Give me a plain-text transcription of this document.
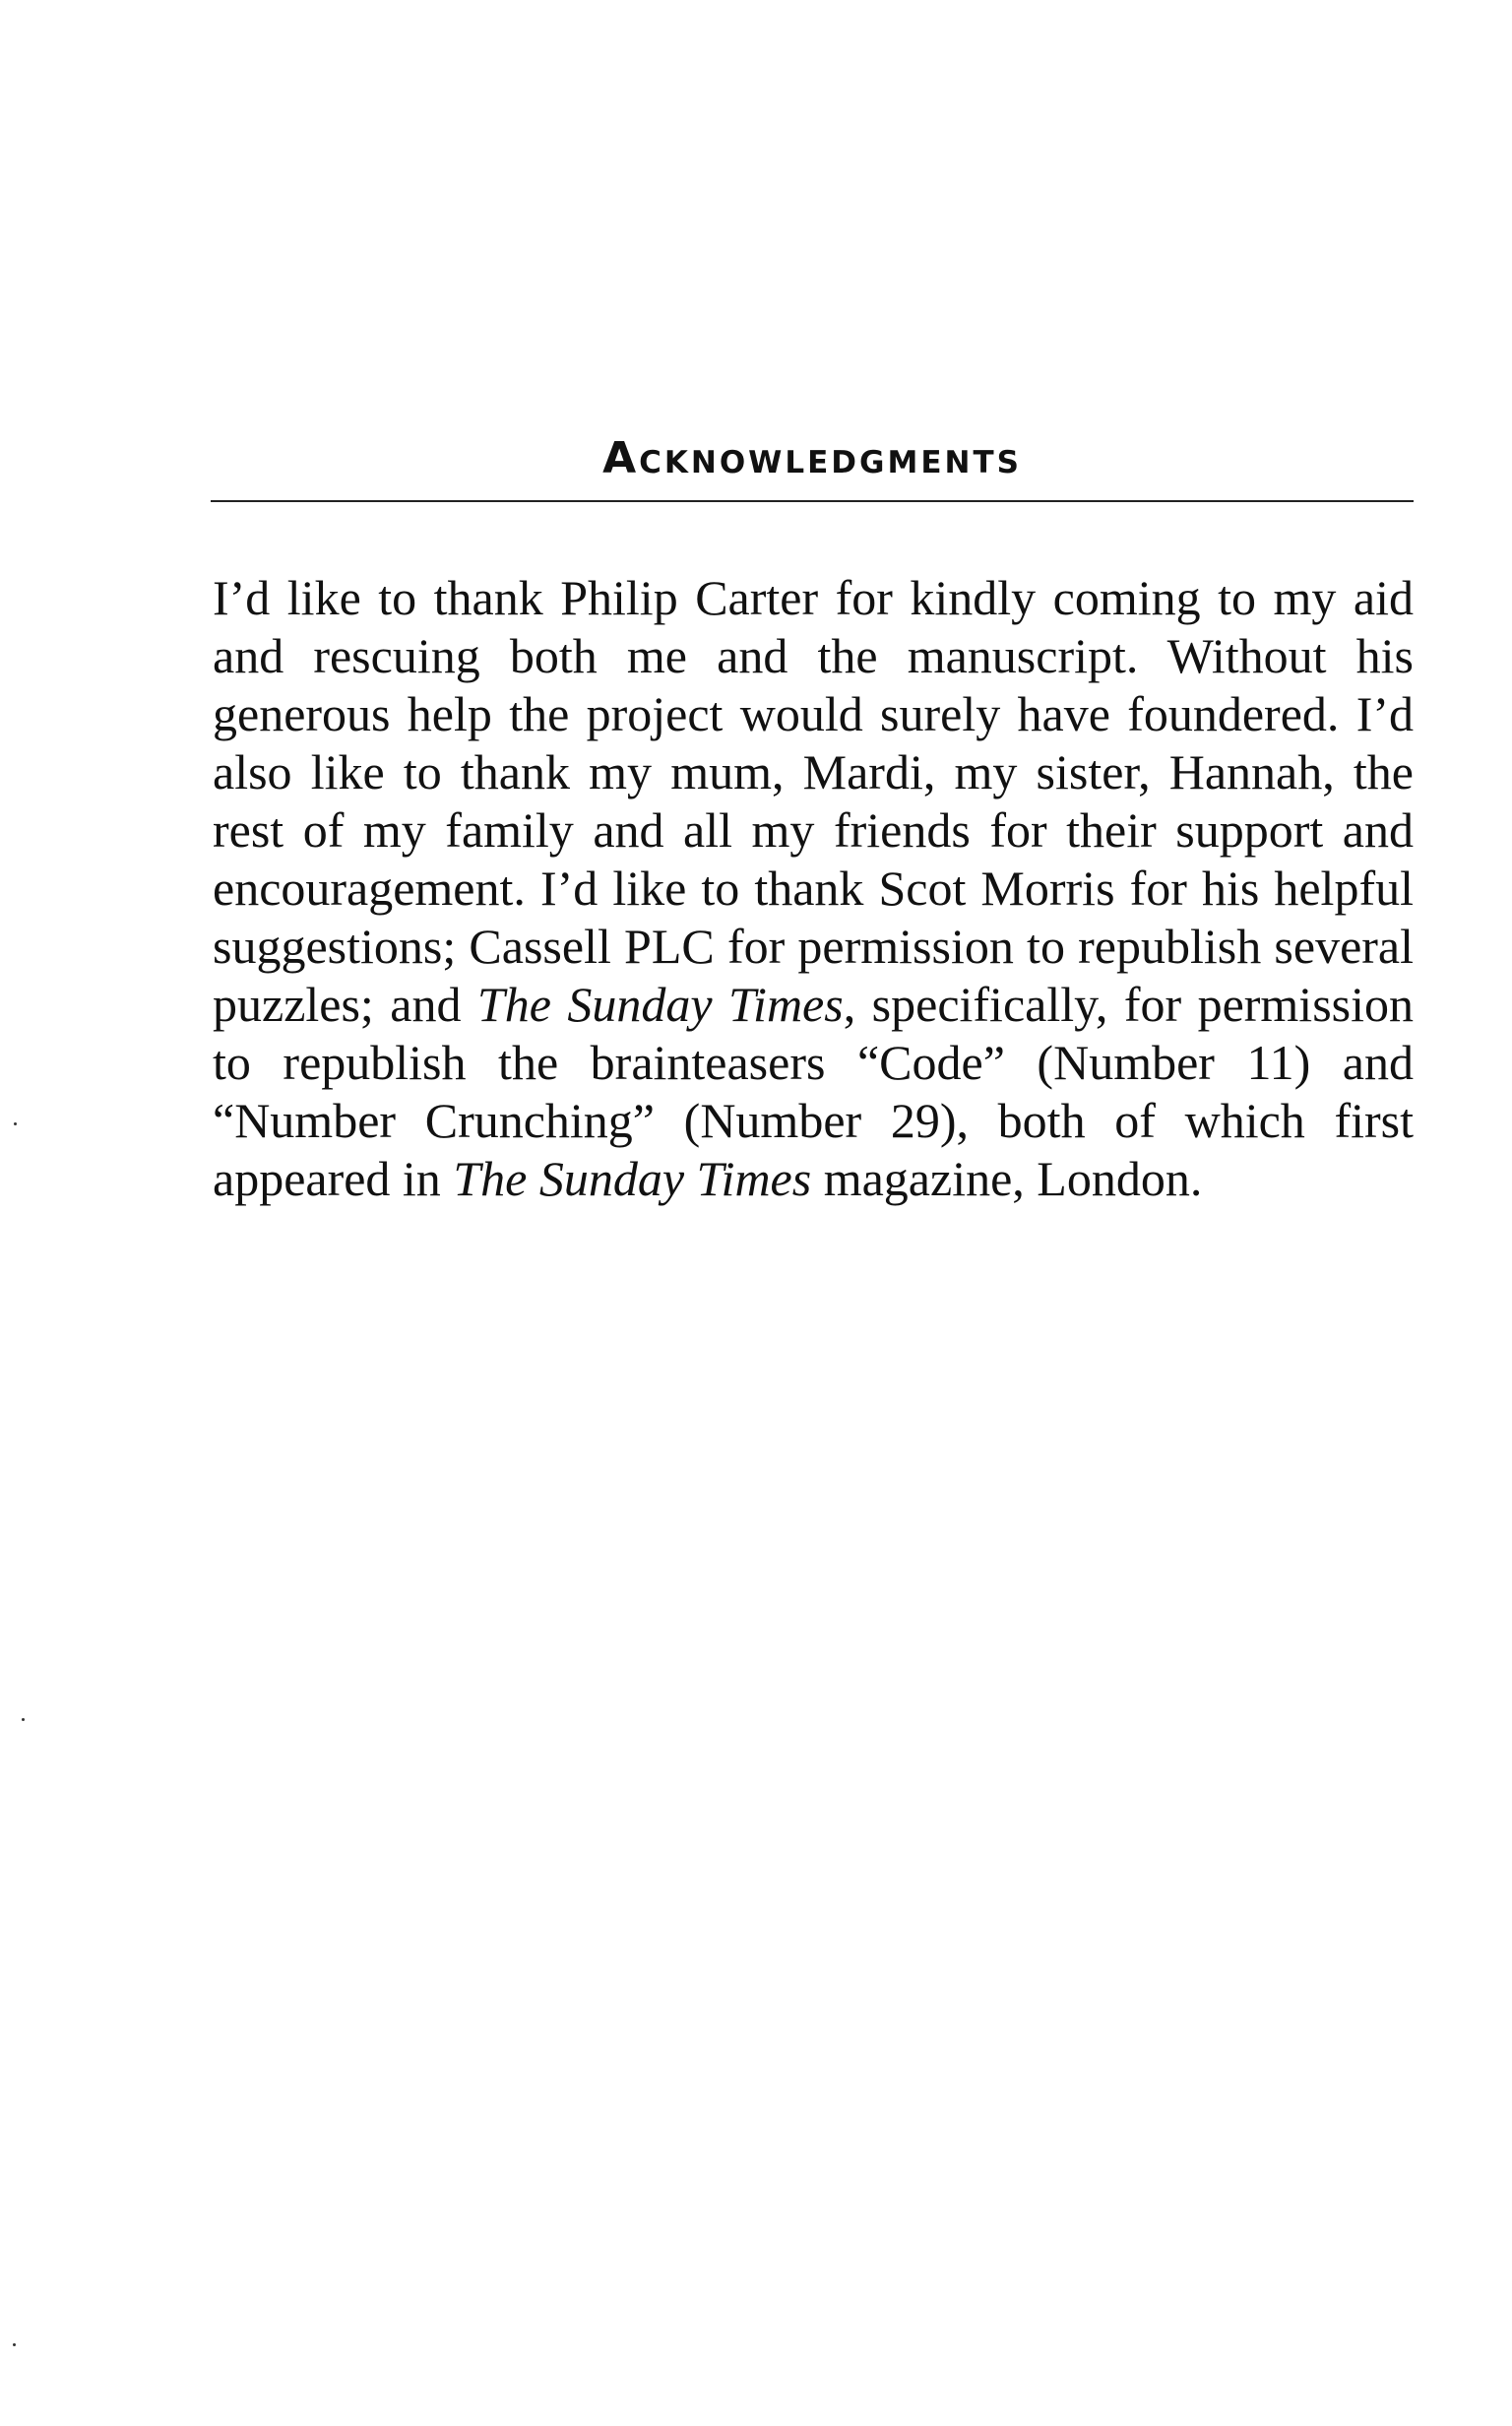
Acknowledgments

I’d like to thank Philip Carter for kindly coming to my aid and rescuing both me and the manuscript. Without his generous help the project would surely have foundered. I’d also like to thank my mum, Mardi, my sister, Hannah, the rest of my family and all my friends for their support and encouragement. I’d like to thank Scot Morris for his helpful suggestions; Cassell PLC for permission to republish several puzzles; and The Sunday Times, specifically, for permission to republish the brainteasers “Code” (Number 11) and “Number Crunching” (Number 29), both of which first appeared in The Sunday Times magazine, London.
